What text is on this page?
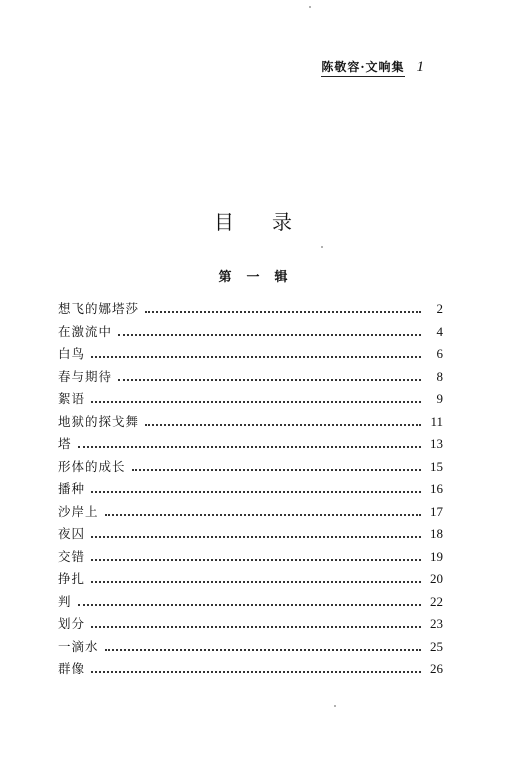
陈敬容·文响集 1
目录
第一辑
想飞的娜塔莎	2
在激流中	4
白鸟	6
春与期待	8
絮语	9
地狱的探戈舞	11
塔	13
形体的成长	15
播种	16
沙岸上	17
夜囚	18
交错	19
挣扎	20
判	22
划分	23
一滴水	25
群像	26
